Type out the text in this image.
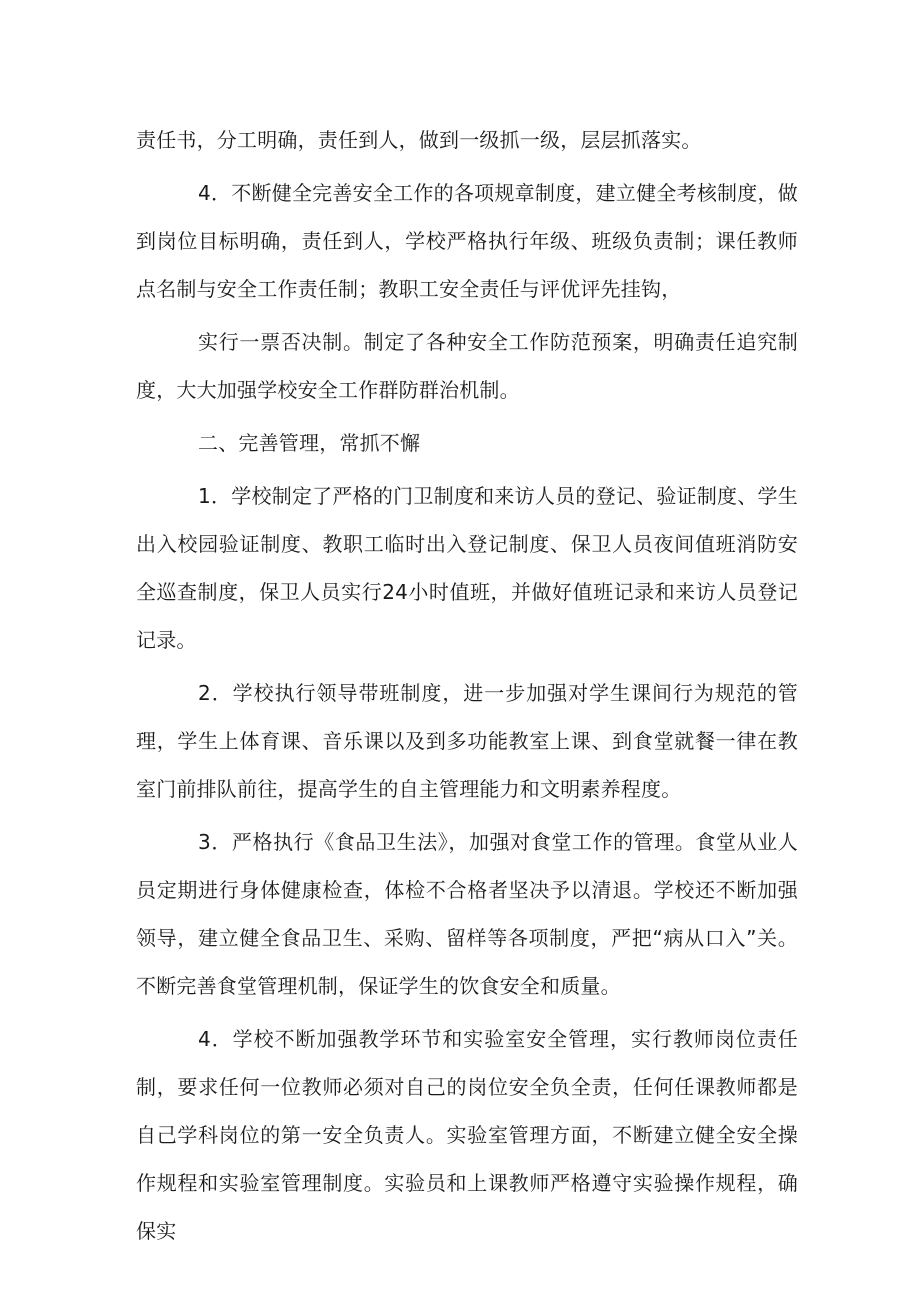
责任书，分工明确，责任到人，做到一级抓一级，层层抓落实。

4．不断健全完善安全工作的各项规章制度，建立健全考核制度，做到岗位目标明确，责任到人，学校严格执行年级、班级负责制；课任教师点名制与安全工作责任制；教职工安全责任与评优评先挂钩，

实行一票否决制。制定了各种安全工作防范预案，明确责任追究制度，大大加强学校安全工作群防群治机制。

二、完善管理，常抓不懈

1．学校制定了严格的门卫制度和来访人员的登记、验证制度、学生出入校园验证制度、教职工临时出入登记制度、保卫人员夜间值班消防安全巡查制度，保卫人员实行24小时值班，并做好值班记录和来访人员登记记录。

2．学校执行领导带班制度，进一步加强对学生课间行为规范的管理，学生上体育课、音乐课以及到多功能教室上课、到食堂就餐一律在教室门前排队前往，提高学生的自主管理能力和文明素养程度。

3．严格执行《食品卫生法》，加强对食堂工作的管理。食堂从业人员定期进行身体健康检查，体检不合格者坚决予以清退。学校还不断加强领导，建立健全食品卫生、采购、留样等各项制度，严把“病从口入”关。不断完善食堂管理机制，保证学生的饮食安全和质量。

4．学校不断加强教学环节和实验室安全管理，实行教师岗位责任制，要求任何一位教师必须对自己的岗位安全负全责，任何任课教师都是自己学科岗位的第一安全负责人。实验室管理方面，不断建立健全安全操作规程和实验室管理制度。实验员和上课教师严格遵守实验操作规程，确保实
